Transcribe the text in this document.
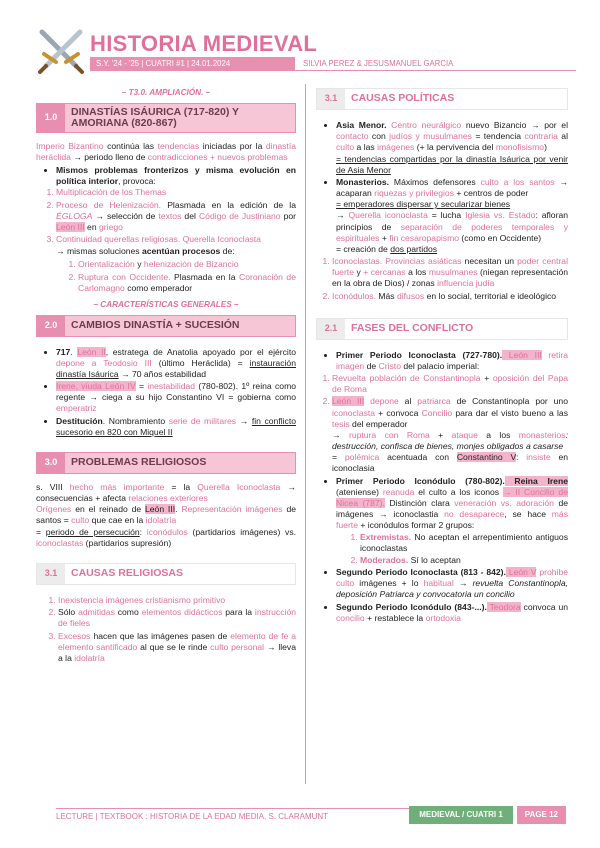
HISTORIA MEDIEVAL
S.Y. '24 - '25 | CUATRI #1 | 24.01.2024	SILVIA PEREZ & JESUSMANUEL GARCIA
– T3.0. AMPLIACIÓN. –
1.0	DINASTÍAS ISÁURICA (717-820) Y AMORIANA (820-867)

Imperio Bizantino continúa las tendencias iniciadas por la dinastía heráclida → periodo lleno de contradicciones + nuevos problemas

• Mismos problemas fronterizos y misma evolución en política interior, provoca:
1. Multiplicación de los Themas
2. Proceso de Helenización. Plasmada en la edición de la ÉGLOGA → selección de textos del Código de Justiniano por León III en griego
3. Continuidad querellas religiosas. Querella Iconoclasta

→ mismas soluciones acentúan procesos de:

1. Orientalización y helenización de Bizancio
2. Ruptura con Occidente. Plasmada en la Coronación de Carlomagno como emperador
– CARACTERÍSTICAS GENERALES –
2.0	CAMBIOS DINASTÍA + SUCESIÓN
• 717. León II, estratega de Anatolia apoyado por el ejército depone a Teodosio III (último Heráclida) = instauración dinastía Isáurica → 70 años estabilidad
• Irene, viuda León IV = inestabilidad (780-802). 1º reina como regente → ciega a su hijo Constantino VI = gobierna como emperatriz
• Destitución. Nombramiento serie de militares → fin conflicto sucesorio en 820 con Miquel II
3.0	PROBLEMAS RELIGIOSOS

s. VIII hecho más importante = la Querella Iconoclasta → consecuencias + afecta relaciones exteriores
Orígenes en el reinado de León III. Representación imágenes de santos = culto que cae en la idolatría
= periodo de persecución: iconódulos (partidarios imágenes) vs. iconoclastas (partidarios supresión)

3.1	CAUSAS RELIGIOSAS
1. Inexistencia imágenes cristianismo primitivo
2. Sólo admitidas como elementos didácticos para la instrucción de fieles
3. Excesos hacen que las imágenes pasen de elemento de fe a elemento santificado al que se le rinde culto personal → lleva a la idolatría
3.1	CAUSAS POLÍTICAS
• Asia Menor. Centro neurálgico nuevo Bizancio → por el contacto con judíos y musulmanes = tendencia contraria al culto a las imágenes (+ la pervivencia del monofisismo)
= tendencias compartidas por la dinastía Isáurica por venir de Asia Menor
• Monasterios. Máximos defensores culto a los santos → acaparan riquezas y privilegios + centros de poder
= emperadores dispersar y secularizar bienes
→ Querella iconoclasta = lucha Iglesia vs. Estado: afloran principios de separación de poderes temporales y espirituales + fin cesaropapismo (como en Occidente)
= creación de dos partidos
1. Iconoclastas. Provincias asiáticas necesitan un poder central fuerte y + cercanas a los musulmanes (niegan representación en la obra de Dios) / zonas influencia judía
2. Iconódulos. Más difusos en lo social, territorial e ideológico
2.1	FASES DEL CONFLICTO
• Primer Periodo Iconoclasta (727-780). León III retira imagen de Cristo del palacio imperial:
1. Revuelta población de Constantinopla + oposición del Papa de Roma
2. León III depone al patriarca de Constantinopla por uno iconoclasta + convoca Concilio para dar el visto bueno a las tesis del emperador
→ ruptura con Roma + ataque a los monasterios: destrucción, confisca de bienes, monjes obligados a casarse
= polémica acentuada con Constantino V: insiste en iconoclasia
• Primer Periodo Iconódulo (780-802). Reina Irene (ateniense) reanuda el culto a los iconos → II Concilio de Nicea (787). Distinción clara veneración vs. adoración de imágenes → iconoclastia no desaparece, se hace más fuerte + iconódulos formar 2 grupos:
1. Extremistas. No aceptan el arrepentimiento antiguos iconoclastas
2. Moderados. Sí lo aceptan
• Segundo Periodo Iconoclasta (813 - 842). León V prohibe culto imágenes + lo habitual → revuelta Constantinopla, deposición Patriarca y convocatoria un concilio
• Segundo Periodo Iconódulo (843-...). Teodora convoca un concilio + restablece la ortodoxia
LECTURE | TEXTBOOK : HISTORIA DE LA EDAD MEDIA, S. CLARAMUNT	MEDIEVAL / CUATRI 1	PAGE 12
